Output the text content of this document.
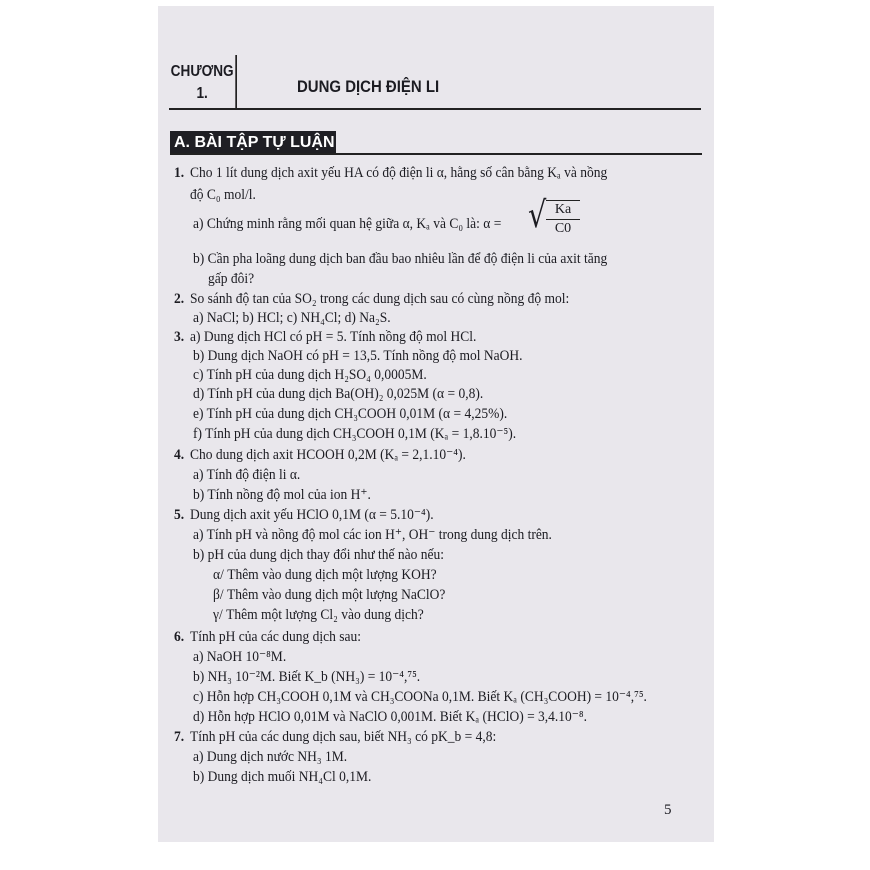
CHƯƠNG
1.	DUNG DỊCH ĐIỆN LI
A. BÀI TẬP TỰ LUẬN
1. Cho 1 lít dung dịch axit yếu HA có độ điện li α, hằng số cân bằng Kₐ và nồng
độ C₀ mol/l.
a) Chứng minh rằng mối quan hệ giữa α, Kₐ và C₀ là: α = √ $\frac{Ka}{C0}$
b) Cần pha loãng dung dịch ban đầu bao nhiêu lần để độ điện li của axit tăng
gấp đôi?
2. So sánh độ tan của SO₂ trong các dung dịch sau có cùng nồng độ mol:
a) NaCl; b) HCl; c) NH₄Cl; d) Na₂S.
3. a) Dung dịch HCl có pH = 5. Tính nồng độ mol HCl.
b) Dung dịch NaOH có pH = 13,5. Tính nồng độ mol NaOH.
c) Tính pH của dung dịch H₂SO₄ 0,0005M.
d) Tính pH của dung dịch Ba(OH)₂ 0,025M (α = 0,8).
e) Tính pH của dung dịch CH₃COOH 0,01M (α = 4,25%).
f) Tính pH của dung dịch CH₃COOH 0,1M (Kₐ = 1,8.10⁻⁵).
4. Cho dung dịch axit HCOOH 0,2M (Kₐ = 2,1.10⁻⁴).
a) Tính độ điện li α.
b) Tính nồng độ mol của ion H⁺.
5. Dung dịch axit yếu HClO 0,1M (α = 5.10⁻⁴).
a) Tính pH và nồng độ mol các ion H⁺, OH⁻ trong dung dịch trên.
b) pH của dung dịch thay đổi như thế nào nếu:
α/ Thêm vào dung dịch một lượng KOH?
β/ Thêm vào dung dịch một lượng NaClO?
γ/ Thêm một lượng Cl₂ vào dung dịch?
6. Tính pH của các dung dịch sau:
a) NaOH 10⁻⁸M.
b) NH₃ 10⁻²M. Biết K_b (NH₃) = 10⁻⁴,⁷⁵.
c) Hỗn hợp CH₃COOH 0,1M và CH₃COONa 0,1M. Biết Kₐ (CH₃COOH) = 10⁻⁴,⁷⁵.
d) Hỗn hợp HClO 0,01M và NaClO 0,001M. Biết Kₐ (HClO) = 3,4.10⁻⁸.
7. Tính pH của các dung dịch sau, biết NH₃ có pK_b = 4,8:
a) Dung dịch nước NH₃ 1M.
b) Dung dịch muối NH₄Cl 0,1M.
5
